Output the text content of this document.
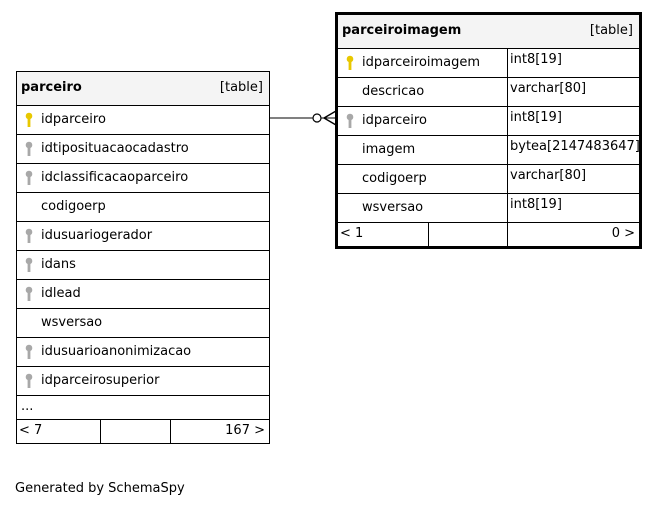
parceiro	[table]
idparceiro
idtiposituacaocadastro
idclassificacaoparceiro
codigoerp
idusuariogerador
idans
idlead
wsversao
idusuarioanonimizacao
idparceirosuperior
...
< 7	167 >
parceiroimagem	[table]
idparceiroimagem int8[19]
descricao	varchar[80]
idparceiro	int8[19]
imagem	bytea[2147483647]
codigoerp	varchar[80]
wsversao	int8[19]
< 1	0 >
Generated by SchemaSpy
